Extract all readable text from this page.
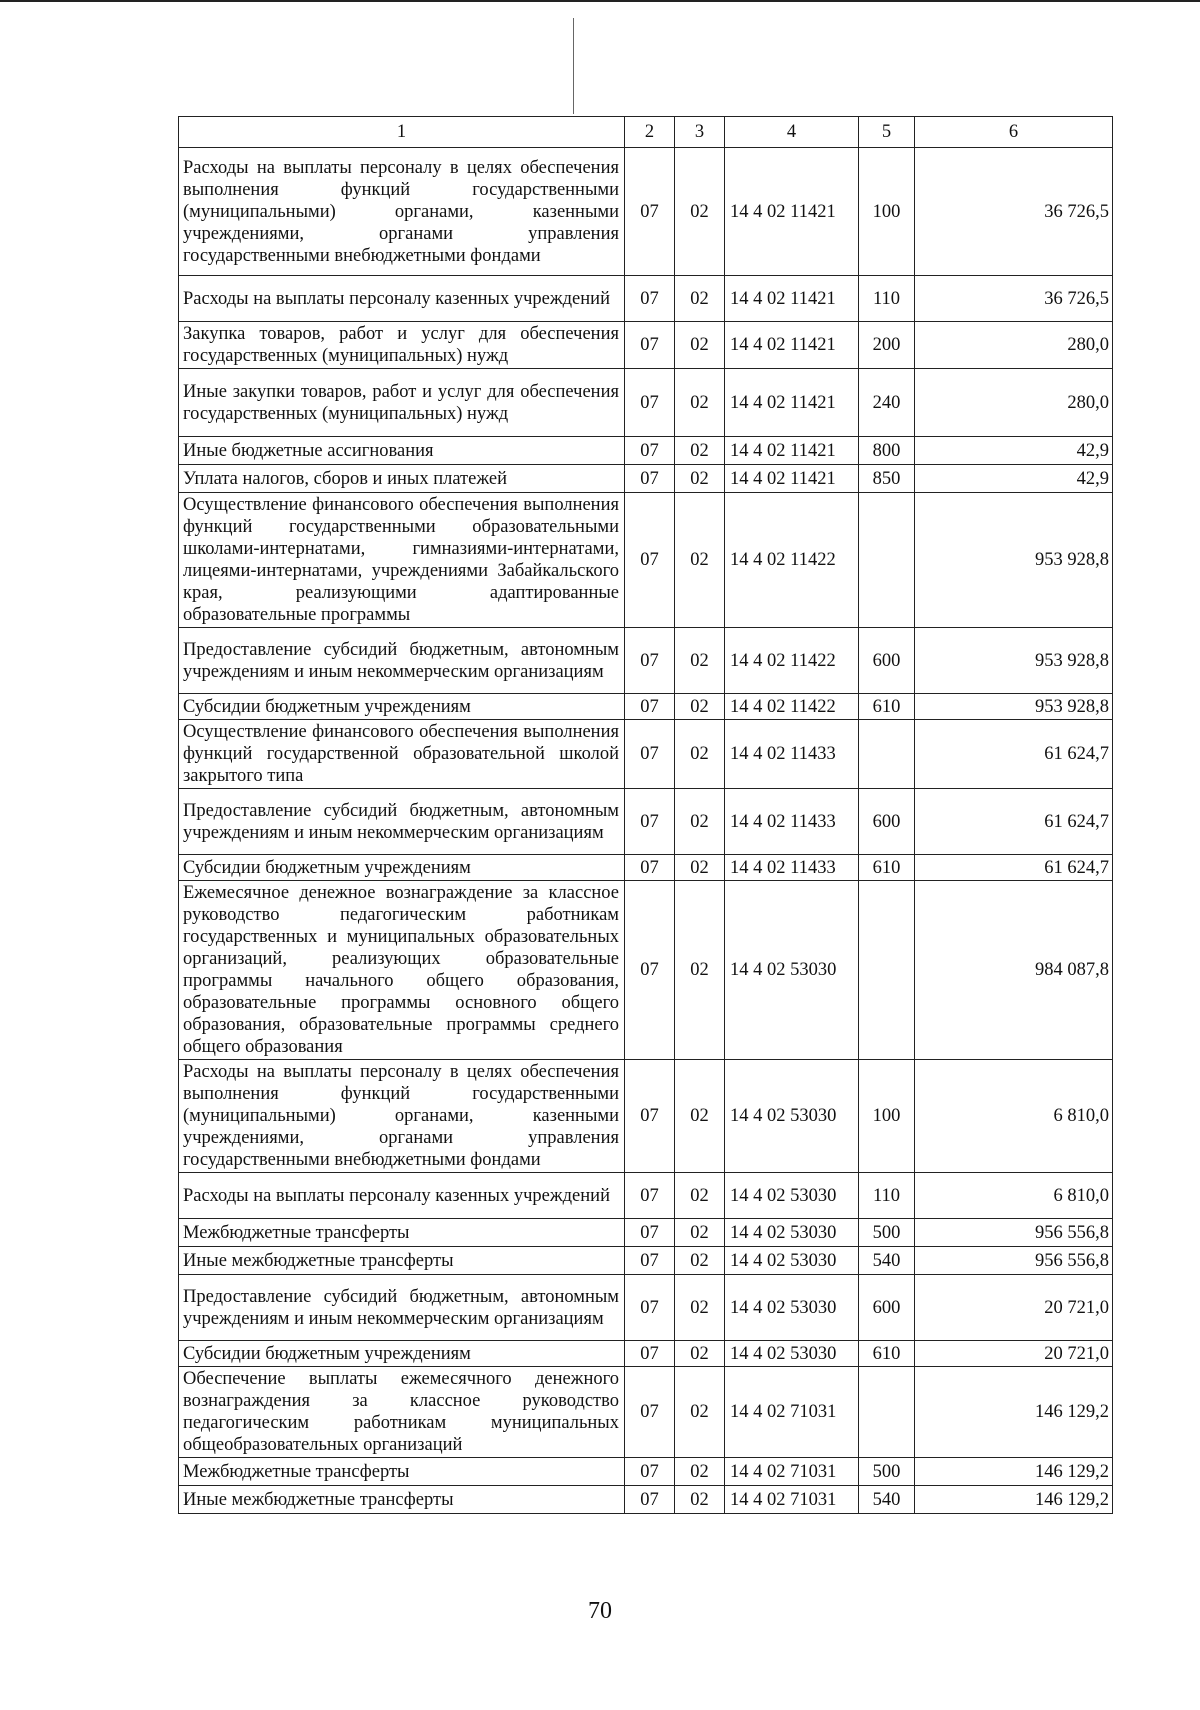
1	2	3	4	5	6
Расходы на выплаты персоналу в целях обеспечения выполнения функций государственными (муниципальными) органами, казенными учреждениями, органами управления государственными внебюджетными фондами	07	02	14 4 02 11421	100	36 726,5
Расходы на выплаты персоналу казенных учреждений	07	02	14 4 02 11421	110	36 726,5
Закупка товаров, работ и услуг для обеспечения государственных (муниципальных) нужд	07	02	14 4 02 11421	200	280,0
Иные закупки товаров, работ и услуг для обеспечения государственных (муниципальных) нужд	07	02	14 4 02 11421	240	280,0
Иные бюджетные ассигнования	07	02	14 4 02 11421	800	42,9
Уплата налогов, сборов и иных платежей	07	02	14 4 02 11421	850	42,9
Осуществление финансового обеспечения выполнения функций государственными образовательными школами-интернатами, гимназиями-интернатами, лицеями-интернатами, учреждениями Забайкальского края, реализующими адаптированные образовательные программы	07	02	14 4 02 11422		953 928,8
Предоставление субсидий бюджетным, автономным учреждениям и иным некоммерческим организациям	07	02	14 4 02 11422	600	953 928,8
Субсидии бюджетным учреждениям	07	02	14 4 02 11422	610	953 928,8
Осуществление финансового обеспечения выполнения функций государственной образовательной школой закрытого типа	07	02	14 4 02 11433		61 624,7
Предоставление субсидий бюджетным, автономным учреждениям и иным некоммерческим организациям	07	02	14 4 02 11433	600	61 624,7
Субсидии бюджетным учреждениям	07	02	14 4 02 11433	610	61 624,7
Ежемесячное денежное вознаграждение за классное руководство педагогическим работникам государственных и муниципальных образовательных организаций, реализующих образовательные программы начального общего образования, образовательные программы основного общего образования, образовательные программы среднего общего образования	07	02	14 4 02 53030		984 087,8
Расходы на выплаты персоналу в целях обеспечения выполнения функций государственными (муниципальными) органами, казенными учреждениями, органами управления государственными внебюджетными фондами	07	02	14 4 02 53030	100	6 810,0
Расходы на выплаты персоналу казенных учреждений	07	02	14 4 02 53030	110	6 810,0
Межбюджетные трансферты	07	02	14 4 02 53030	500	956 556,8
Иные межбюджетные трансферты	07	02	14 4 02 53030	540	956 556,8
Предоставление субсидий бюджетным, автономным учреждениям и иным некоммерческим организациям	07	02	14 4 02 53030	600	20 721,0
Субсидии бюджетным учреждениям	07	02	14 4 02 53030	610	20 721,0
Обеспечение выплаты ежемесячного денежного вознаграждения за классное руководство педагогическим работникам муниципальных общеобразовательных организаций	07	02	14 4 02 71031		146 129,2
Межбюджетные трансферты	07	02	14 4 02 71031	500	146 129,2
Иные межбюджетные трансферты	07	02	14 4 02 71031	540	146 129,2
70
